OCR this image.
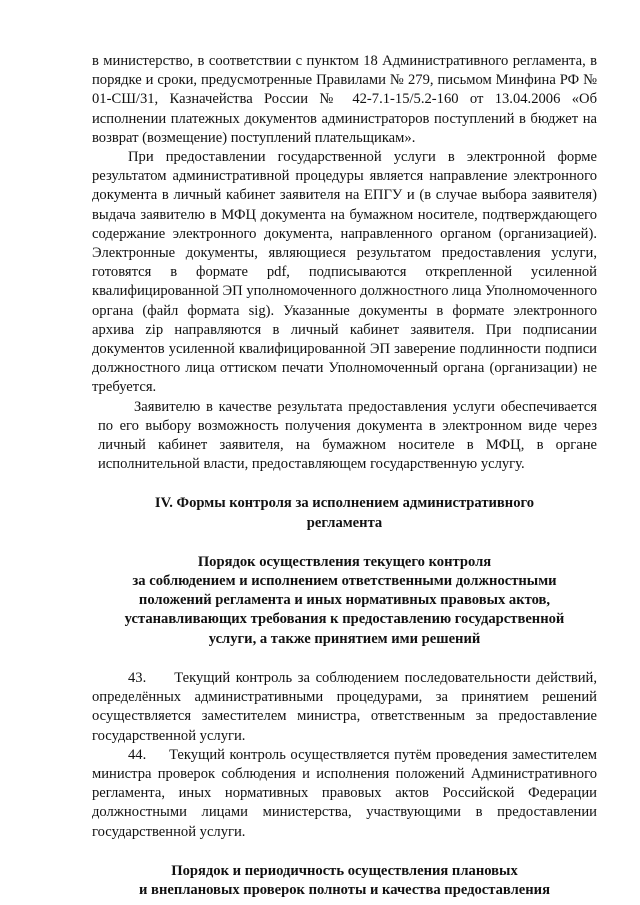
в министерство, в соответствии с пунктом 18 Административного регламента, в порядке и сроки, предусмотренные Правилами № 279, письмом Минфина РФ № 01-СШ/31, Казначейства России № 42-7.1-15/5.2-160 от 13.04.2006 «Об исполнении платежных документов администраторов поступлений в бюджет на возврат (возмещение) поступлений плательщикам».

При предоставлении государственной услуги в электронной форме результатом административной процедуры является направление электронного документа в личный кабинет заявителя на ЕПГУ и (в случае выбора заявителя) выдача заявителю в МФЦ документа на бумажном носителе, подтверждающего содержание электронного документа, направленного органом (организацией). Электронные документы, являющиеся результатом предоставления услуги, готовятся в формате pdf, подписываются открепленной усиленной квалифицированной ЭП уполномоченного должностного лица Уполномоченного органа (файл формата sig). Указанные документы в формате электронного архива zip направляются в личный кабинет заявителя. При подписании документов усиленной квалифицированной ЭП заверение подлинности подписи должностного лица оттиском печати Уполномоченный органа (организации) не требуется.

Заявителю в качестве результата предоставления услуги обеспечивается по его выбору возможность получения документа в электронном виде через личный кабинет заявителя, на бумажном носителе в МФЦ, в органе исполнительной власти, предоставляющем государственную услугу.

IV. Формы контроля за исполнением административного

регламента

Порядок осуществления текущего контроля

за соблюдением и исполнением ответственными должностными

положений регламента и иных нормативных правовых актов,

устанавливающих требования к предоставлению государственной

услуги, а также принятием ими решений

43. Текущий контроль за соблюдением последовательности действий, определённых административными процедурами, за принятием решений осуществляется заместителем министра, ответственным за предоставление государственной услуги.

44. Текущий контроль осуществляется путём проведения заместителем министра проверок соблюдения и исполнения положений Административного регламента, иных нормативных правовых актов Российской Федерации должностными лицами министерства, участвующими в предоставлении государственной услуги.

Порядок и периодичность осуществления плановых

и внеплановых проверок полноты и качества предоставления
